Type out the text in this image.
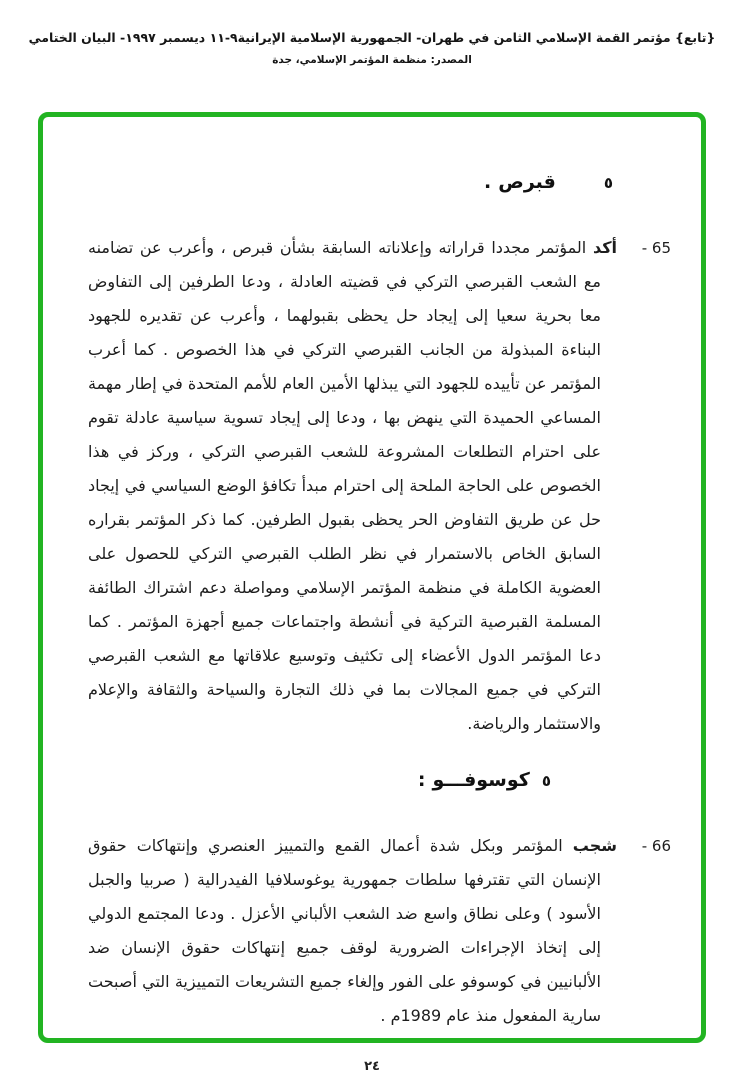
{تابع} مؤتمر القمة الإسلامي الثامن في طهران- الجمهورية الإسلامية الإيرانية٩-١١ ديسمبر ١٩٩٧- البيان الختامي
المصدر: منظمة المؤتمر الإسلامي، جدة
٥
قبرص
.

65 -
أكد المؤتمر مجددا قراراته وإعلاناته السابقة بشأن قبرص ، وأعرب عن تضامنه مع الشعب القبرصي التركي في قضيته العادلة ، ودعا الطرفين إلى التفاوض معا بحرية سعيا إلى إيجاد حل يحظى بقبولهما ، وأعرب عن تقديره للجهود البناءة المبذولة من الجانب القبرصي التركي في هذا الخصوص . كما أعرب المؤتمر عن تأييده للجهود التي يبذلها الأمين العام للأمم المتحدة في إطار مهمة المساعي الحميدة التي ينهض بها ، ودعا إلى إيجاد تسوية سياسية عادلة تقوم على احترام التطلعات المشروعة للشعب القبرصي التركي ، وركز في هذا الخصوص على الحاجة الملحة إلى احترام مبدأ تكافؤ الوضع السياسي في إيجاد حل عن طريق التفاوض الحر يحظى بقبول الطرفين. كما ذكر المؤتمر بقراره السابق الخاص بالاستمرار في نظر الطلب القبرصي التركي للحصول على العضوية الكاملة في منظمة المؤتمر الإسلامي ومواصلة دعم اشتراك الطائفة المسلمة القبرصية التركية في أنشطة واجتماعات جميع أجهزة المؤتمر . كما دعا المؤتمر الدول الأعضاء إلى تكثيف وتوسيع علاقاتها مع الشعب القبرصي التركي في جميع المجالات بما في ذلك التجارة والسياحة والثقافة والإعلام والاستثمار والرياضة.

٥
كوسوفـــو
:

66 -
شجب المؤتمر وبكل شدة أعمال القمع والتمييز العنصري وإنتهاكات حقوق الإنسان التي تقترفها سلطات جمهورية يوغوسلافيا الفيدرالية ( صربيا والجبل الأسود ) وعلى نطاق واسع ضد الشعب الألباني الأعزل . ودعا المجتمع الدولي إلى إتخاذ الإجراءات الضرورية لوقف جميع إنتهاكات حقوق الإنسان ضد الألبانيين في كوسوفو على الفور وإلغاء جميع التشريعات التمييزية التي أصبحت سارية المفعول منذ عام 1989م .

٢٤
